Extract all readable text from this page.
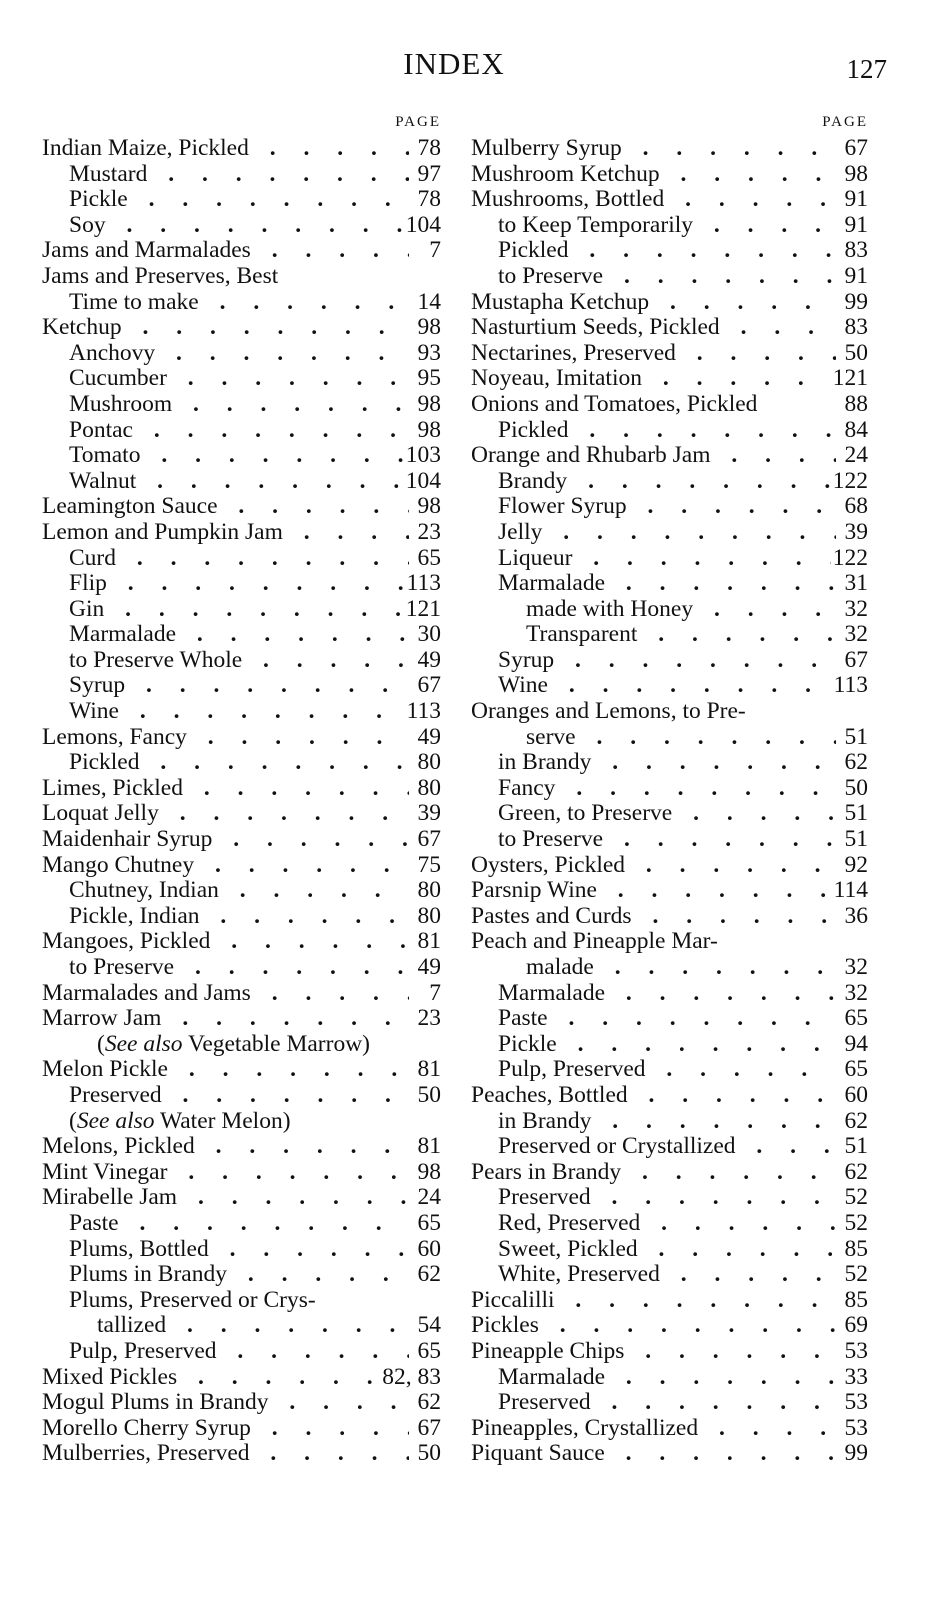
INDEX	127
PAGE
Indian Maize, Pickled . . .	78
Mustard . . .	97
Pickle . . .	78
Soy . . .	104
Jams and Marmalades . . .	7
Jams and Preserves, Best
Time to make . . .	14
Ketchup . . .	98
Anchovy . . .	93
Cucumber . . .	95
Mushroom . . .	98
Pontac . . .	98
Tomato . . .	103
Walnut . . .	104
Leamington Sauce . . .	98
Lemon and Pumpkin Jam . . .	23
Curd . . .	65
Flip . . .	113
Gin . . .	121
Marmalade . . .	30
to Preserve Whole . . .	49
Syrup . . .	67
Wine . . .	113
Lemons, Fancy . . .	49
Pickled . . .	80
Limes, Pickled . . .	80
Loquat Jelly . . .	39
Maidenhair Syrup . . .	67
Mango Chutney . . .	75
Chutney, Indian . . .	80
Pickle, Indian . . .	80
Mangoes, Pickled . . .	81
to Preserve . . .	49
Marmalades and Jams . . .	7
Marrow Jam . . .	23
(See also Vegetable Marrow)
Melon Pickle . . .	81
Preserved . . .	50
(See also Water Melon)
Melons, Pickled . . .	81
Mint Vinegar . . .	98
Mirabelle Jam . . .	24
Paste . . .	65
Plums, Bottled . . .	60
Plums in Brandy . . .	62
Plums, Preserved or Crys-
tallized . . .	54
Pulp, Preserved . . .	65
Mixed Pickles . . .	82, 83
Mogul Plums in Brandy . . .	62
Morello Cherry Syrup . . .	67
Mulberries, Preserved . . .	50
PAGE
Mulberry Syrup . . .	67
Mushroom Ketchup . . .	98
Mushrooms, Bottled . . .	91
to Keep Temporarily . . .	91
Pickled . . .	83
to Preserve . . .	91
Mustapha Ketchup . . .	99
Nasturtium Seeds, Pickled . . .	83
Nectarines, Preserved . . .	50
Noyeau, Imitation . . .	121
Onions and Tomatoes, Pickled	88
Pickled . . .	84
Orange and Rhubarb Jam . . .	24
Brandy . . .	122
Flower Syrup . . .	68
Jelly . . .	39
Liqueur . . .	122
Marmalade . . .	31
made with Honey . . .	32
Transparent . . .	32
Syrup . . .	67
Wine . . .	113
Oranges and Lemons, to Pre-
serve . . .	51
in Brandy . . .	62
Fancy . . .	50
Green, to Preserve . . .	51
to Preserve . . .	51
Oysters, Pickled . . .	92
Parsnip Wine . . .	114
Pastes and Curds . . .	36
Peach and Pineapple Mar-
malade . . .	32
Marmalade . . .	32
Paste . . .	65
Pickle . . .	94
Pulp, Preserved . . .	65
Peaches, Bottled . . .	60
in Brandy . . .	62
Preserved or Crystallized . . .	51
Pears in Brandy . . .	62
Preserved . . .	52
Red, Preserved . . .	52
Sweet, Pickled . . .	85
White, Preserved . . .	52
Piccalilli . . .	85
Pickles . . .	69
Pineapple Chips . . .	53
Marmalade . . .	33
Preserved . . .	53
Pineapples, Crystallized . . .	53
Piquant Sauce . . .	99
